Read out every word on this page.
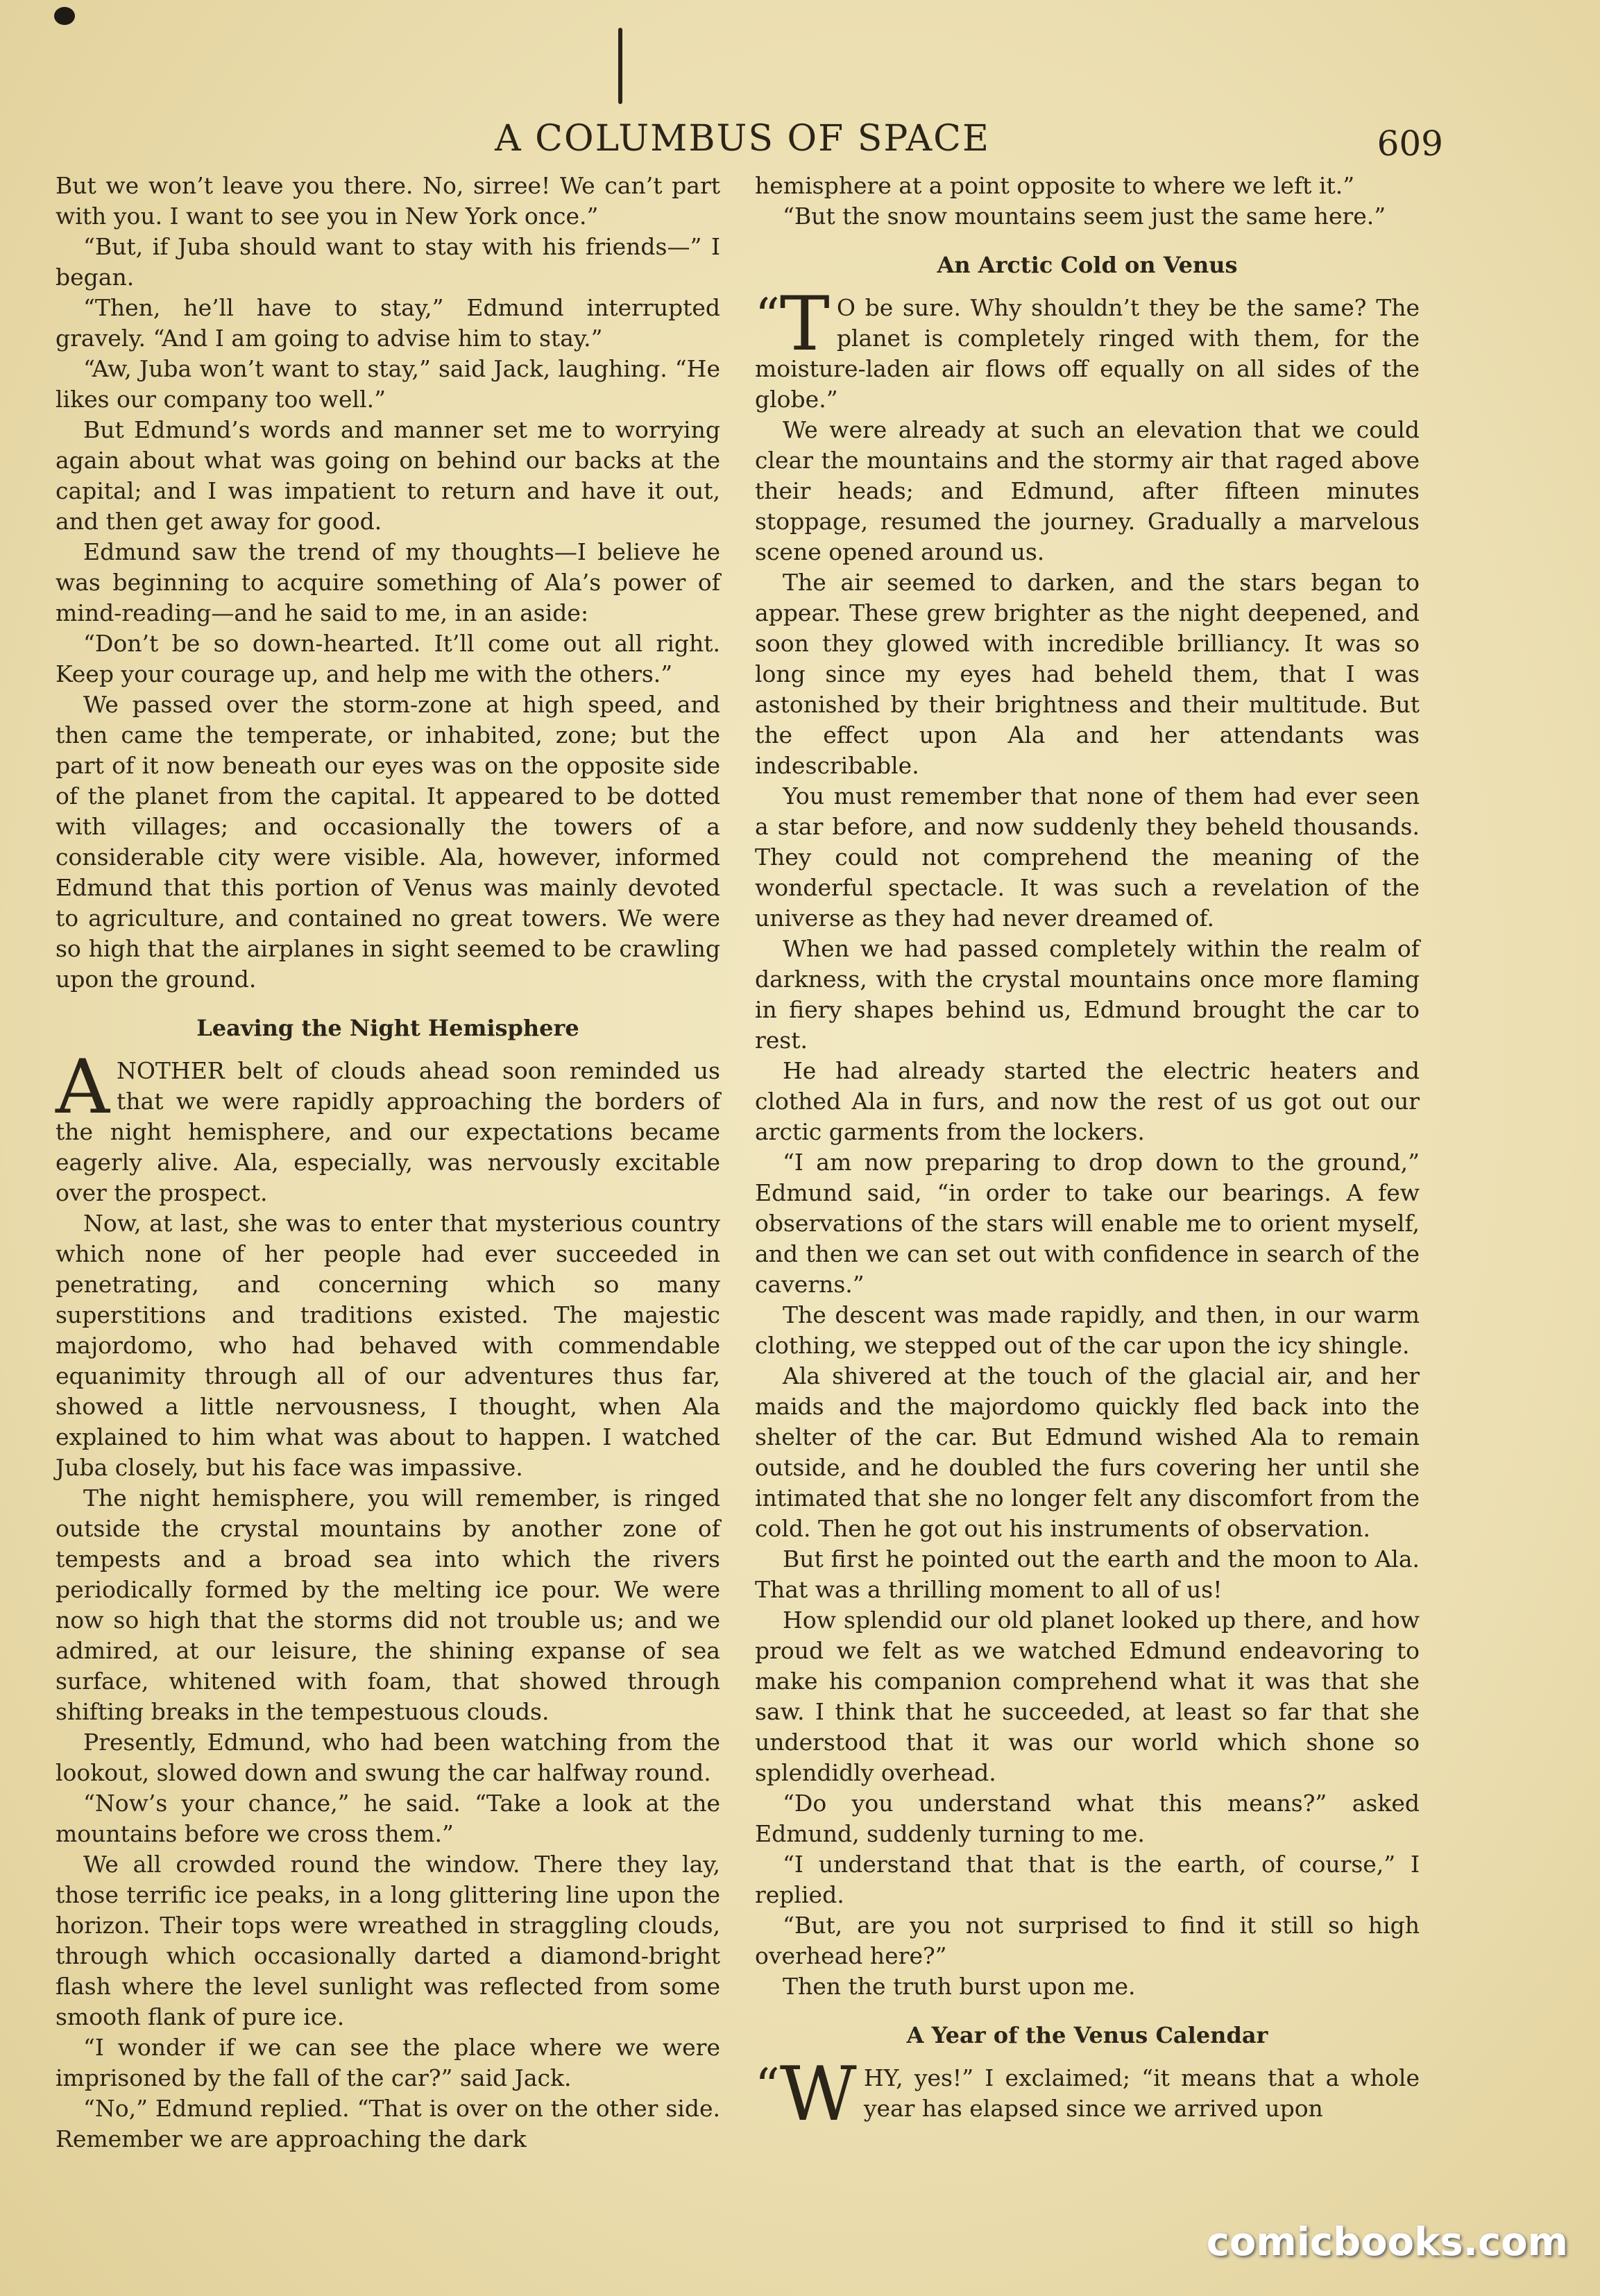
A COLUMBUS OF SPACE	609

But we won’t leave you there. No, sirree! We can’t part with you. I want to see you in New York once.”

“But, if Juba should want to stay with his friends—” I began.

“Then, he’ll have to stay,” Edmund interrupted gravely. “And I am going to advise him to stay.”

“Aw, Juba won’t want to stay,” said Jack, laughing. “He likes our company too well.”

But Edmund’s words and manner set me to worrying again about what was going on behind our backs at the capital; and I was impatient to return and have it out, and then get away for good.

Edmund saw the trend of my thoughts—I believe he was beginning to acquire something of Ala’s power of mind-reading—and he said to me, in an aside:

“Don’t be so down-hearted. It’ll come out all right. Keep your courage up, and help me with the others.”

We passed over the storm-zone at high speed, and then came the temperate, or inhabited, zone; but the part of it now beneath our eyes was on the opposite side of the planet from the capital. It appeared to be dotted with villages; and occasionally the towers of a considerable city were visible. Ala, however, informed Edmund that this portion of Venus was mainly devoted to agriculture, and contained no great towers. We were so high that the airplanes in sight seemed to be crawling upon the ground.

Leaving the Night Hemisphere

ANOTHER belt of clouds ahead soon reminded us that we were rapidly approaching the borders of the night hemisphere, and our expectations became eagerly alive. Ala, especially, was nervously excitable over the prospect.

Now, at last, she was to enter that mysterious country which none of her people had ever succeeded in penetrating, and concerning which so many superstitions and traditions existed. The majestic majordomo, who had behaved with commendable equanimity through all of our adventures thus far, showed a little nervousness, I thought, when Ala explained to him what was about to happen. I watched Juba closely, but his face was impassive.

The night hemisphere, you will remember, is ringed outside the crystal mountains by another zone of tempests and a broad sea into which the rivers periodically formed by the melting ice pour. We were now so high that the storms did not trouble us; and we admired, at our leisure, the shining expanse of sea surface, whitened with foam, that showed through shifting breaks in the tempestuous clouds.

Presently, Edmund, who had been watching from the lookout, slowed down and swung the car halfway round.

“Now’s your chance,” he said. “Take a look at the mountains before we cross them.”

We all crowded round the window. There they lay, those terrific ice peaks, in a long glittering line upon the horizon. Their tops were wreathed in straggling clouds, through which occasionally darted a diamond-bright flash where the level sunlight was reflected from some smooth flank of pure ice.

“I wonder if we can see the place where we were imprisoned by the fall of the car?” said Jack.

“No,” Edmund replied. “That is over on the other side. Remember we are approaching the dark

hemisphere at a point opposite to where we left it.”

“But the snow mountains seem just the same here.”

An Arctic Cold on Venus

“T O be sure. Why shouldn’t they be the same? The planet is completely ringed with them, for the moisture-laden air flows off equally on all sides of the globe.”

We were already at such an elevation that we could clear the mountains and the stormy air that raged above their heads; and Edmund, after fifteen minutes stoppage, resumed the journey. Gradually a marvelous scene opened around us.

The air seemed to darken, and the stars began to appear. These grew brighter as the night deepened, and soon they glowed with incredible brilliancy. It was so long since my eyes had beheld them, that I was astonished by their brightness and their multitude. But the effect upon Ala and her attendants was indescribable.

You must remember that none of them had ever seen a star before, and now suddenly they beheld thousands. They could not comprehend the meaning of the wonderful spectacle. It was such a revelation of the universe as they had never dreamed of.

When we had passed completely within the realm of darkness, with the crystal mountains once more flaming in fiery shapes behind us, Edmund brought the car to rest.

He had already started the electric heaters and clothed Ala in furs, and now the rest of us got out our arctic garments from the lockers.

“I am now preparing to drop down to the ground,” Edmund said, “in order to take our bearings. A few observations of the stars will enable me to orient myself, and then we can set out with confidence in search of the caverns.”

The descent was made rapidly, and then, in our warm clothing, we stepped out of the car upon the icy shingle.

Ala shivered at the touch of the glacial air, and her maids and the majordomo quickly fled back into the shelter of the car. But Edmund wished Ala to remain outside, and he doubled the furs covering her until she intimated that she no longer felt any discomfort from the cold. Then he got out his instruments of observation.

But first he pointed out the earth and the moon to Ala. That was a thrilling moment to all of us!

How splendid our old planet looked up there, and how proud we felt as we watched Edmund endeavoring to make his companion comprehend what it was that she saw. I think that he succeeded, at least so far that she understood that it was our world which shone so splendidly overhead.

“Do you understand what this means?” asked Edmund, suddenly turning to me.

“I understand that that is the earth, of course,” I replied.

“But, are you not surprised to find it still so high overhead here?”

Then the truth burst upon me.

A Year of the Venus Calendar

“W HY, yes!” I exclaimed; “it means that a whole year has elapsed since we arrived upon

comicbooks.com
